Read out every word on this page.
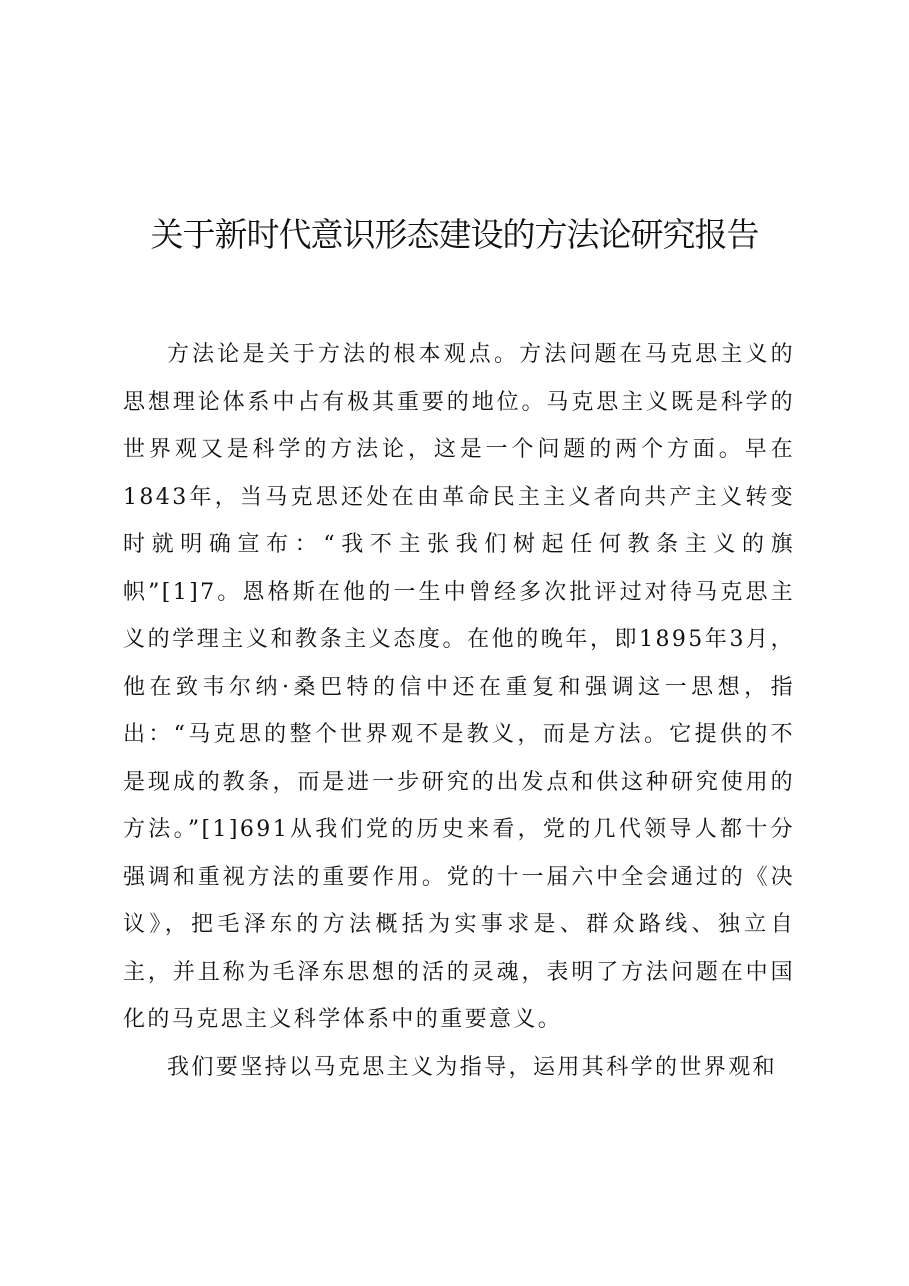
关于新时代意识形态建设的方法论研究报告

方法论是关于方法的根本观点。方法问题在马克思主义的思想理论体系中占有极其重要的地位。马克思主义既是科学的世界观又是科学的方法论，这是一个问题的两个方面。早在1843年，当马克思还处在由革命民主主义者向共产主义转变时就明确宣布：“我不主张我们树起任何教条主义的旗帜”[1]7。恩格斯在他的一生中曾经多次批评过对待马克思主义的学理主义和教条主义态度。在他的晚年，即1895年3月，他在致韦尔纳·桑巴特的信中还在重复和强调这一思想，指出：“马克思的整个世界观不是教义，而是方法。它提供的不是现成的教条，而是进一步研究的出发点和供这种研究使用的方法。”[1]691从我们党的历史来看，党的几代领导人都十分强调和重视方法的重要作用。党的十一届六中全会通过的《决议》，把毛泽东的方法概括为实事求是、群众路线、独立自主，并且称为毛泽东思想的活的灵魂，表明了方法问题在中国化的马克思主义科学体系中的重要意义。

我们要坚持以马克思主义为指导，运用其科学的世界观和
